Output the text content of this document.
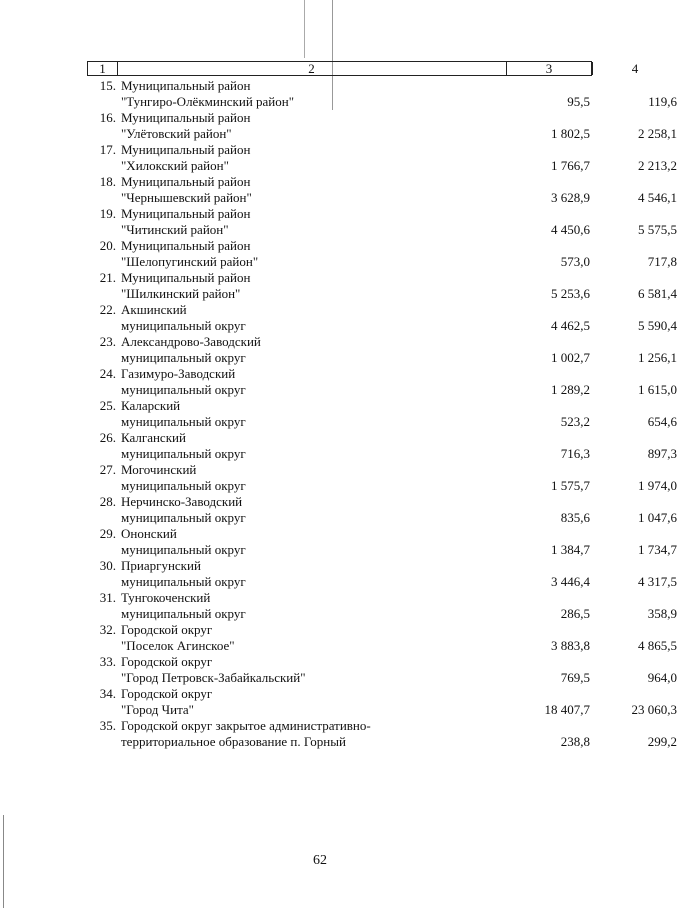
1	2	3	4
15. Муниципальный район
"Тунгиро-Олёкминский район"	95,5	119,6
16. Муниципальный район
"Улётовский район"	1 802,5	2 258,1
17. Муниципальный район
"Хилокский район"	1 766,7	2 213,2
18. Муниципальный район
"Чернышевский район"	3 628,9	4 546,1
19. Муниципальный район
"Читинский район"	4 450,6	5 575,5
20. Муниципальный район
"Шелопугинский район"	573,0	717,8
21. Муниципальный район
"Шилкинский район"	5 253,6	6 581,4
22. Акшинский
муниципальный округ	4 462,5	5 590,4
23. Александрово-Заводский
муниципальный округ	1 002,7	1 256,1
24. Газимуро-Заводский
муниципальный округ	1 289,2	1 615,0
25. Каларский
муниципальный округ	523,2	654,6
26. Калганский
муниципальный округ	716,3	897,3
27. Могочинский
муниципальный округ	1 575,7	1 974,0
28. Нерчинско-Заводский
муниципальный округ	835,6	1 047,6
29. Ононский
муниципальный округ	1 384,7	1 734,7
30. Приаргунский
муниципальный округ	3 446,4	4 317,5
31. Тунгокоченский
муниципальный округ	286,5	358,9
32. Городской округ
"Поселок Агинское"	3 883,8	4 865,5
33. Городской округ
"Город Петровск-Забайкальский"	769,5	964,0
34. Городской округ
"Город Чита"	18 407,7	23 060,3
35. Городской округ закрытое административно-
территориальное образование п. Горный	238,8	299,2
62
